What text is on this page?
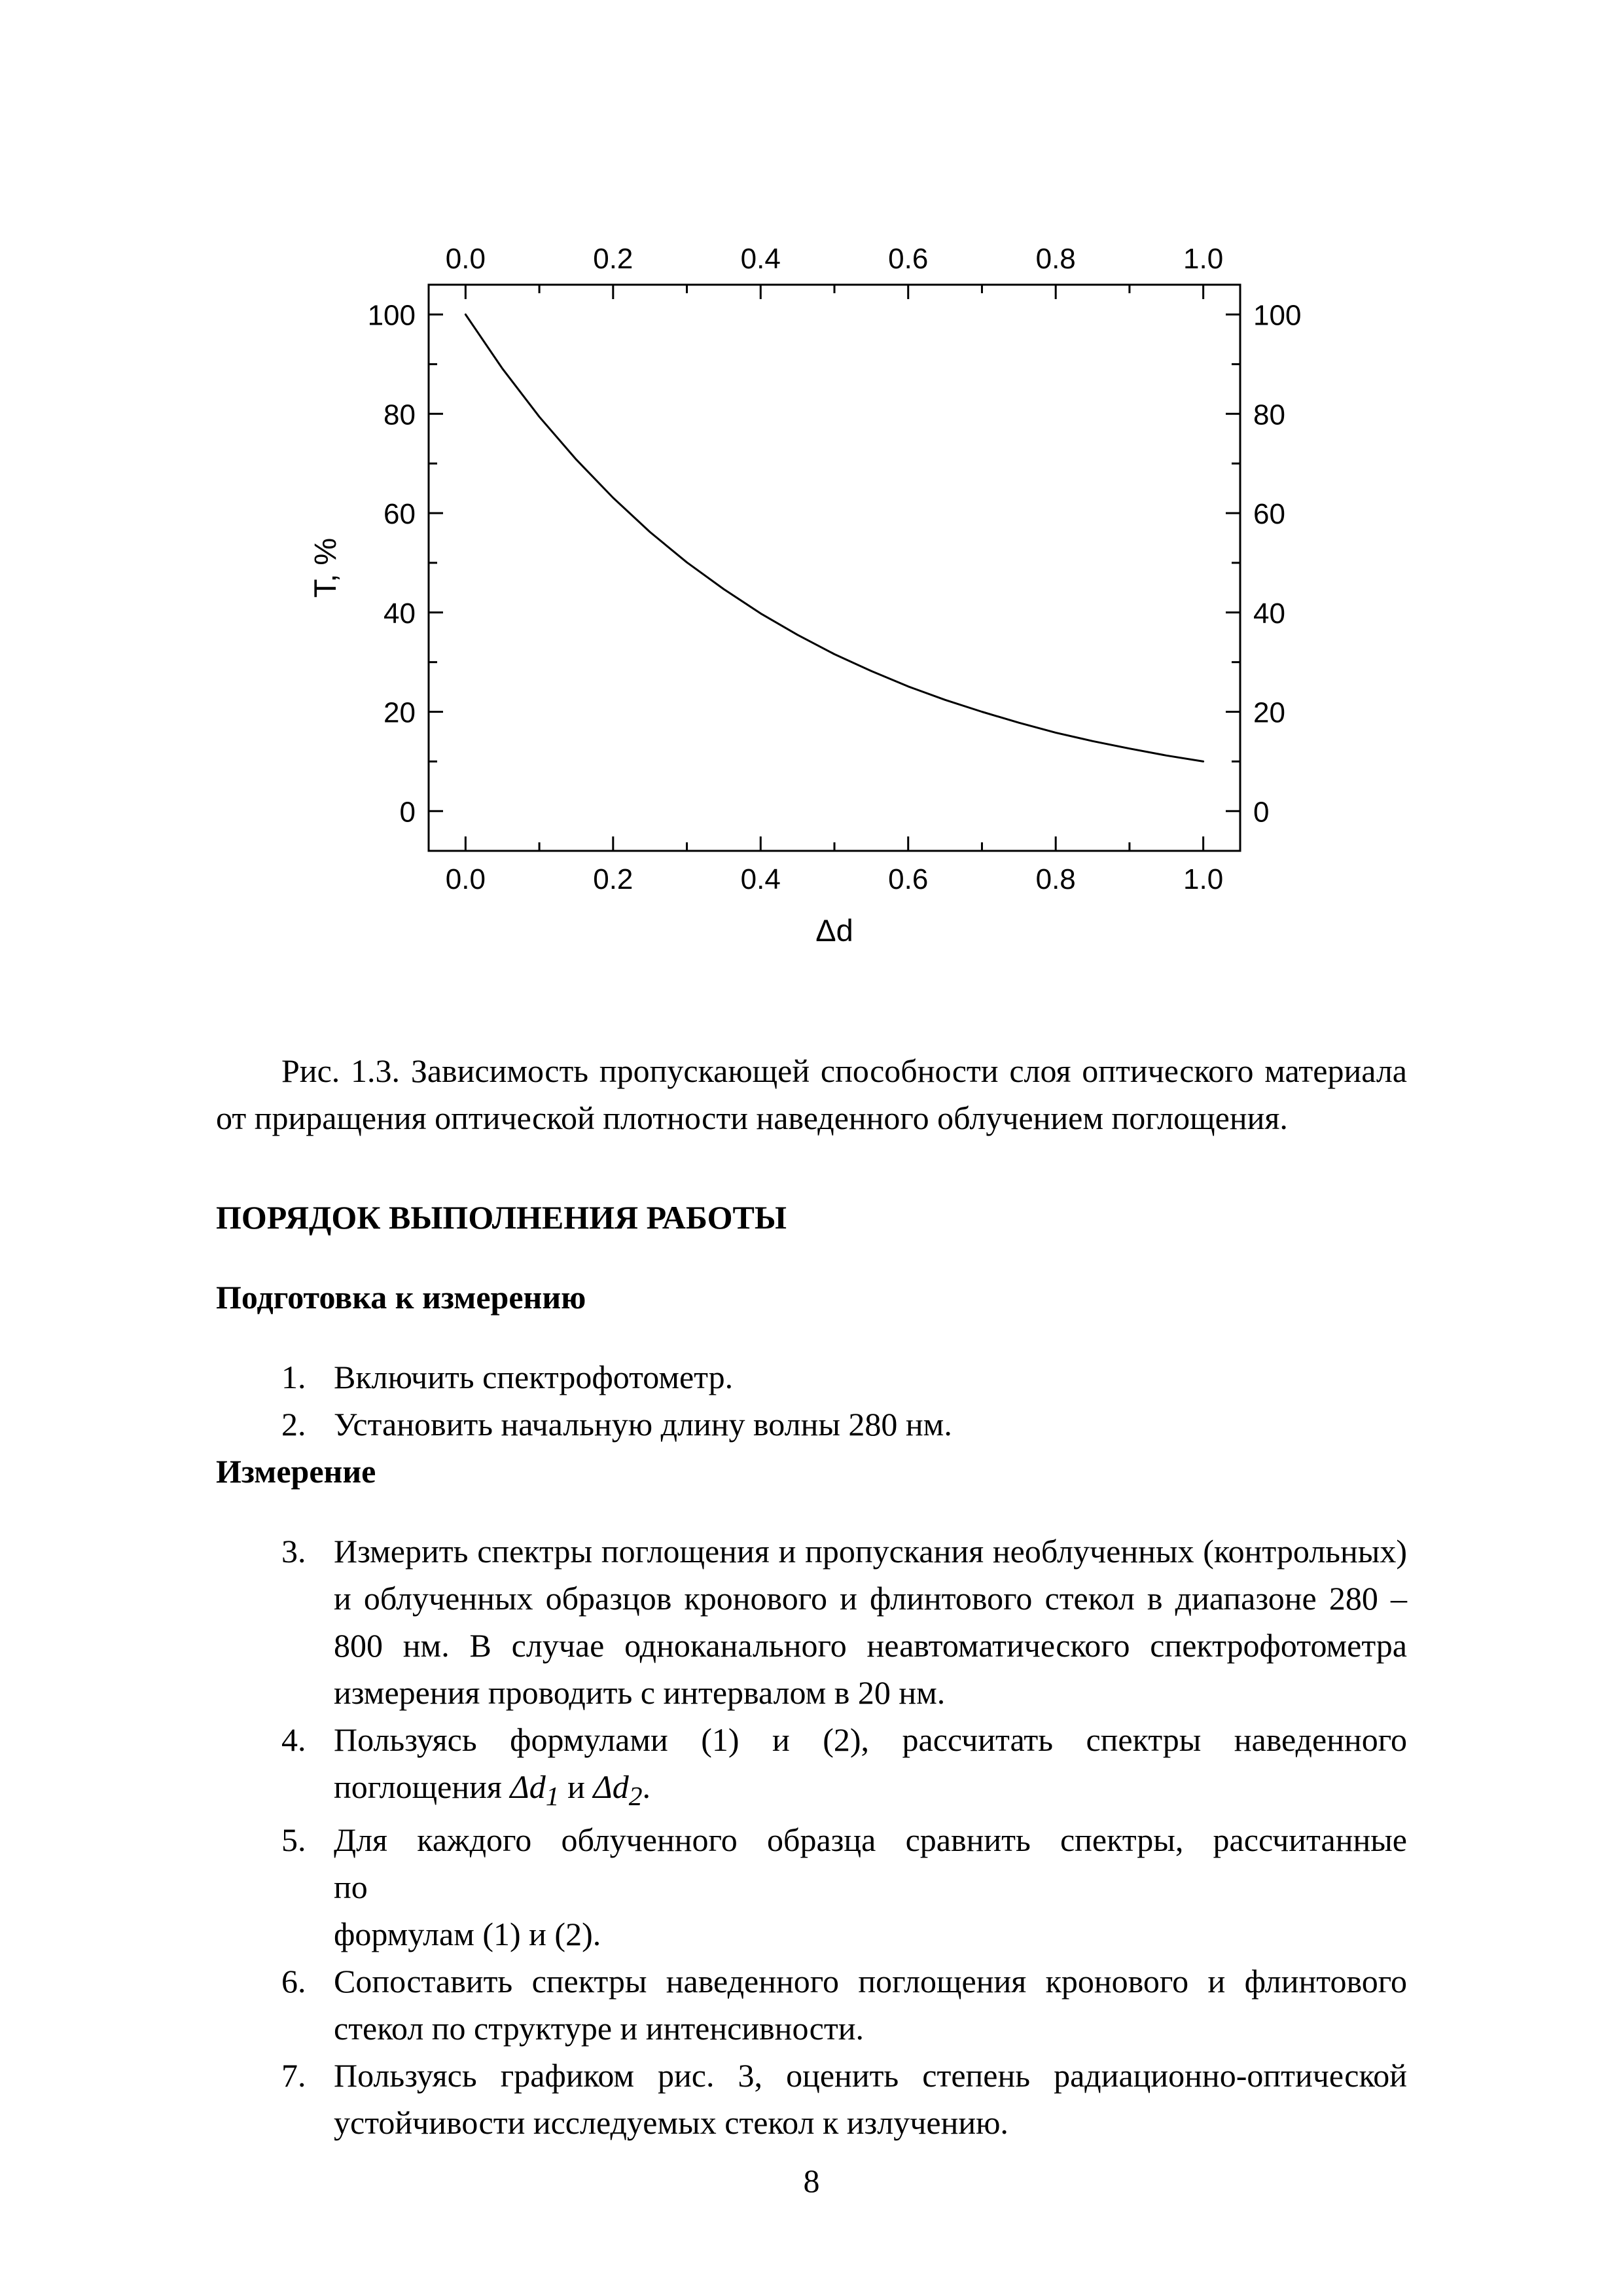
0.0
0.0
0.2
0.2
0.4
0.4
0.6
0.6
0.8
0.8
1.0
1.0
0	0
20	20
40	40
60	60
80	80
100	100
Δd
T, %

Рис. 1.3. Зависимость пропускающей способности слоя оптического материала от приращения оптической плотности наведенного облучением поглощения.

ПОРЯДОК ВЫПОЛНЕНИЯ РАБОТЫ

Подготовка к измерению

1. Включить спектрофотометр.
2. Установить начальную длину волны 280 нм.

Измерение

3. Измерить спектры поглощения и пропускания необлученных (контрольных) и облученных образцов кронового и флинтового стекол в диапазоне 280 – 800 нм. В случае одноканального неавтоматического спектрофотометра измерения проводить с интервалом в 20 нм.
4. Пользуясь формулами (1) и (2), рассчитать спектры наведенного поглощения $\Delta d_1$ и $\Delta d_2$.
5. Для каждого облученного образца сравнить спектры, рассчитанные
по
формулам (1) и (2).
6. Сопоставить спектры наведенного поглощения кронового и флинтового стекол по структуре и интенсивности.
7. Пользуясь графиком рис. 3, оценить степень радиационно-оптической устойчивости исследуемых стекол к излучению.
8
